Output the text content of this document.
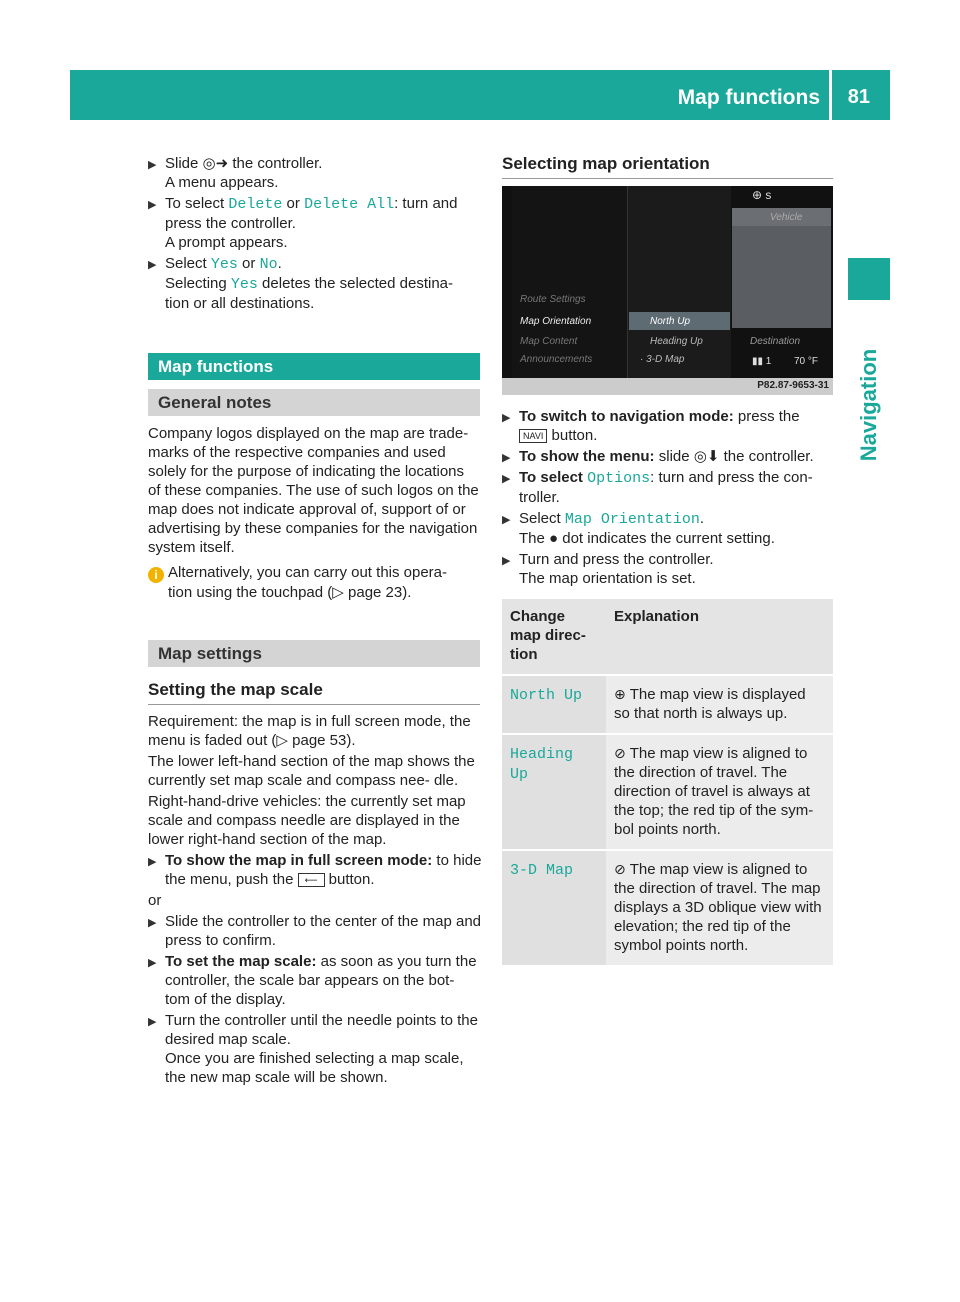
Map functions 81
Navigation
▶ Slide ◎➜ the controller.
A menu appears.
▶ To select Delete or Delete All: turn and
press the controller.
A prompt appears.
▶ Select Yes or No.
Selecting Yes deletes the selected destina-
tion or all destinations.
Map functions
General notes
Company logos displayed on the map are trade- marks of the respective companies and used solely for the purpose of indicating the locations of these companies. The use of such logos on the map does not indicate approval of, support of or advertising by these companies for the navigation system itself.
i Alternatively, you can carry out this opera-
tion using the touchpad (▷ page 23).
Map settings
Setting the map scale
Requirement: the map is in full screen mode, the menu is faded out (▷ page 53).
The lower left-hand section of the map shows the currently set map scale and compass nee- dle.
Right-hand-drive vehicles: the currently set map scale and compass needle are displayed in the lower right-hand section of the map.
▶ To show the map in full screen mode: to hide the menu, push the ⟵ button.
or
▶ Slide the controller to the center of the map and press to confirm.
▶ To set the map scale: as soon as you turn the controller, the scale bar appears on the bot- tom of the display.
▶ Turn the controller until the needle points to the desired map scale.
Once you are finished selecting a map scale, the new map scale will be shown.
Selecting map orientation
⊕ s
Vehicle
Route Settings
Map Orientation
Map Content
Announcements
North Up
Heading Up
· 3-D Map
Destination
▮▮ 1 70 °F
P82.87-9653-31
▶ To switch to navigation mode: press the
NAVI button.
▶ To show the menu: slide ◎⬇ the controller.
▶ To select Options: turn and press the con- troller.
▶ Select Map Orientation.
The ● dot indicates the current setting.
▶ Turn and press the controller.
The map orientation is set.
Change map direc- tion	Explanation
North Up	⊕ The map view is displayed so that north is always up.
Heading Up	⊘ The map view is aligned to the direction of travel. The direction of travel is always at the top; the red tip of the sym- bol points north.
3-D Map	⊘ The map view is aligned to the direction of travel. The map displays a 3D oblique view with elevation; the red tip of the symbol points north.
